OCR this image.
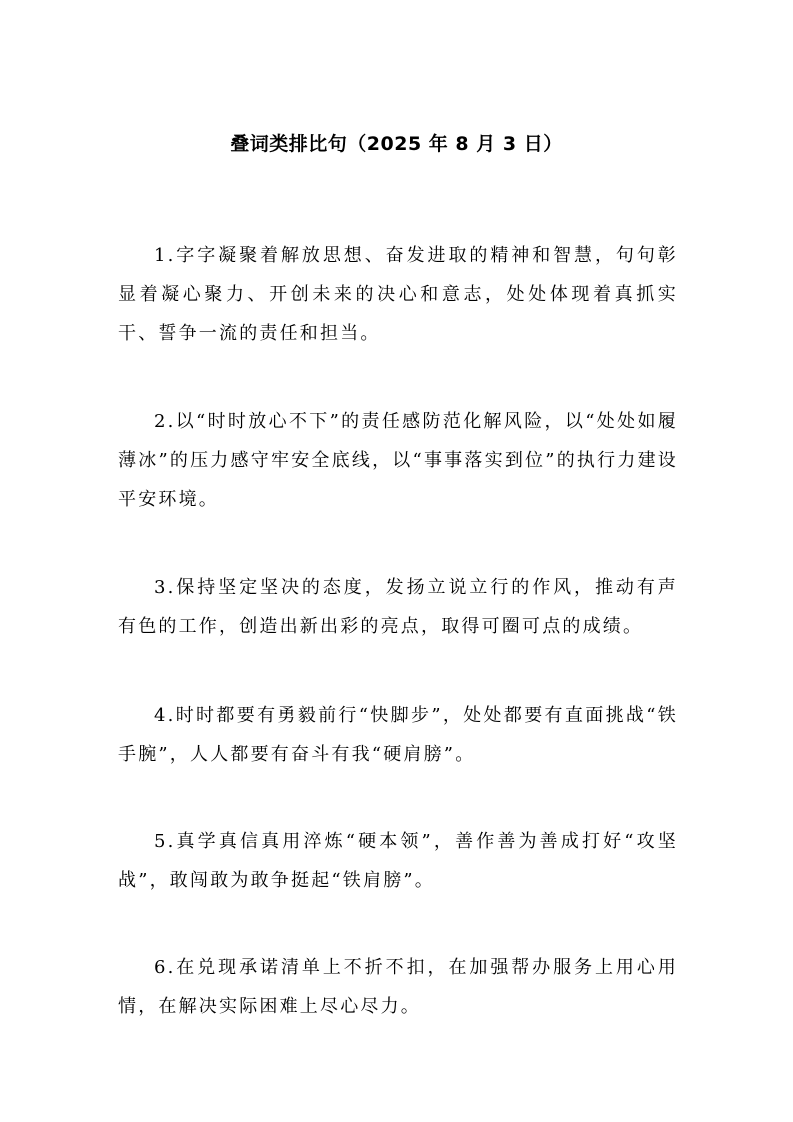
叠词类排比句（2025 年 8 月 3 日）

1.字字凝聚着解放思想、奋发进取的精神和智慧，句句彰显着凝心聚力、开创未来的决心和意志，处处体现着真抓实干、誓争一流的责任和担当。

2.以“时时放心不下”的责任感防范化解风险，以“处处如履薄冰”的压力感守牢安全底线，以“事事落实到位”的执行力建设平安环境。

3.保持坚定坚决的态度，发扬立说立行的作风，推动有声有色的工作，创造出新出彩的亮点，取得可圈可点的成绩。

4.时时都要有勇毅前行“快脚步”，处处都要有直面挑战“铁手腕”，人人都要有奋斗有我“硬肩膀”。

5.真学真信真用淬炼“硬本领”，善作善为善成打好“攻坚战”，敢闯敢为敢争挺起“铁肩膀”。

6.在兑现承诺清单上不折不扣，在加强帮办服务上用心用情，在解决实际困难上尽心尽力。
